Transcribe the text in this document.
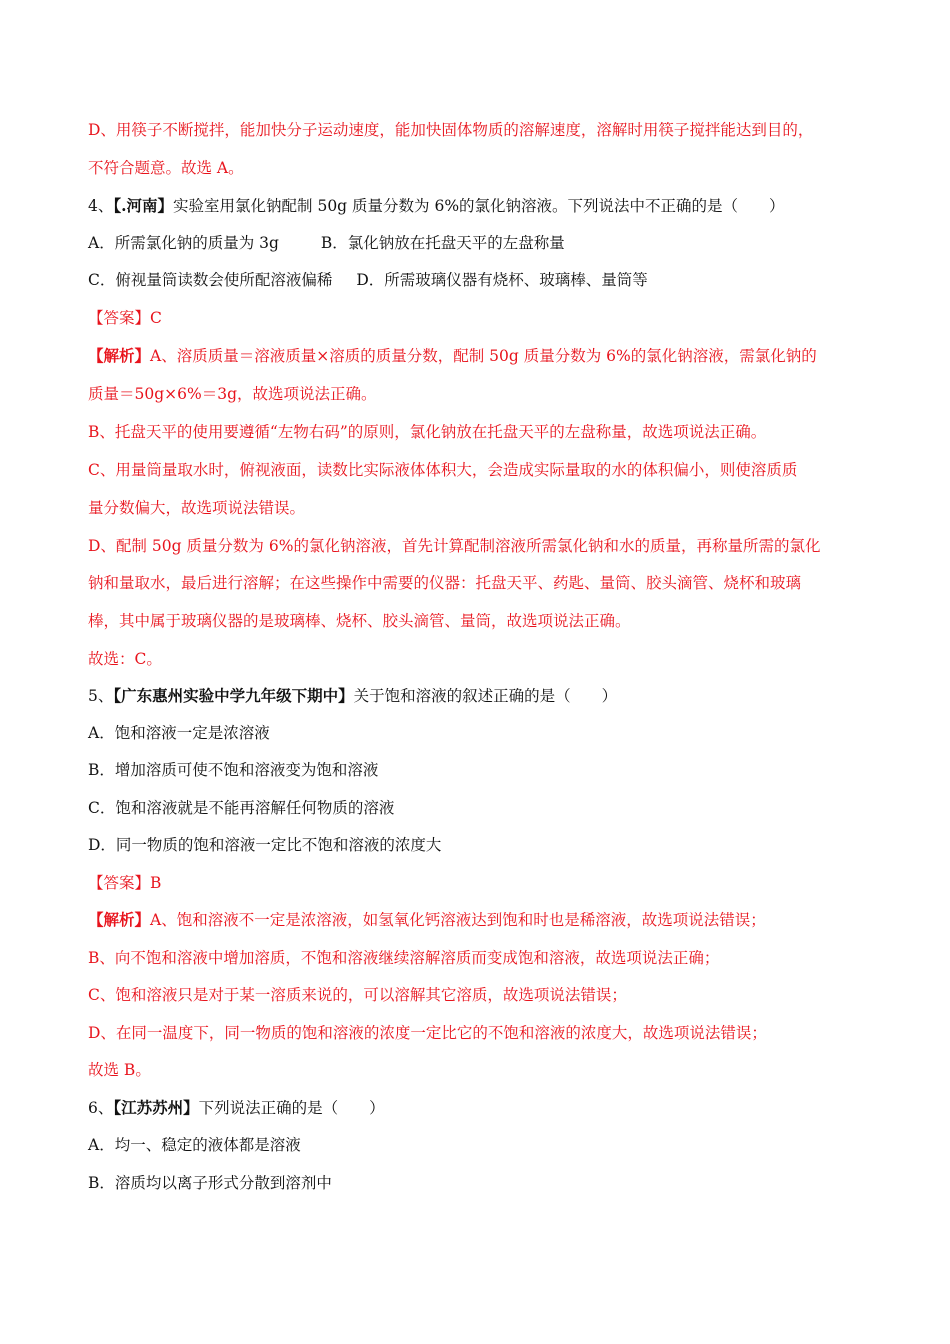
D、用筷子不断搅拌，能加快分子运动速度，能加快固体物质的溶解速度，溶解时用筷子搅拌能达到目的，
不符合题意。故选 A。
4、【.河南】实验室用氯化钠配制 50g 质量分数为 6%的氯化钠溶液。下列说法中不正确的是（　　）
A．所需氯化钠的质量为 3g	B．氯化钠放在托盘天平的左盘称量
C．俯视量筒读数会使所配溶液偏稀 D．所需玻璃仪器有烧杯、玻璃棒、量筒等
【答案】C
【解析】A、溶质质量＝溶液质量×溶质的质量分数，配制 50g 质量分数为 6%的氯化钠溶液，需氯化钠的
质量＝50g×6%＝3g，故选项说法正确。
B、托盘天平的使用要遵循“左物右码”的原则，氯化钠放在托盘天平的左盘称量，故选项说法正确。
C、用量筒量取水时，俯视液面，读数比实际液体体积大，会造成实际量取的水的体积偏小，则使溶质质
量分数偏大，故选项说法错误。
D、配制 50g 质量分数为 6%的氯化钠溶液，首先计算配制溶液所需氯化钠和水的质量，再称量所需的氯化
钠和量取水，最后进行溶解；在这些操作中需要的仪器：托盘天平、药匙、量筒、胶头滴管、烧杯和玻璃
棒，其中属于玻璃仪器的是玻璃棒、烧杯、胶头滴管、量筒，故选项说法正确。
故选：C。
5、【广东惠州实验中学九年级下期中】关于饱和溶液的叙述正确的是（　　）
A．饱和溶液一定是浓溶液
B．增加溶质可使不饱和溶液变为饱和溶液
C．饱和溶液就是不能再溶解任何物质的溶液
D．同一物质的饱和溶液一定比不饱和溶液的浓度大
【答案】B
【解析】A、饱和溶液不一定是浓溶液，如氢氧化钙溶液达到饱和时也是稀溶液，故选项说法错误；
B、向不饱和溶液中增加溶质，不饱和溶液继续溶解溶质而变成饱和溶液，故选项说法正确；
C、饱和溶液只是对于某一溶质来说的，可以溶解其它溶质，故选项说法错误；
D、在同一温度下，同一物质的饱和溶液的浓度一定比它的不饱和溶液的浓度大，故选项说法错误；
故选 B。
6、【江苏苏州】下列说法正确的是（　　）
A．均一、稳定的液体都是溶液
B．溶质均以离子形式分散到溶剂中
